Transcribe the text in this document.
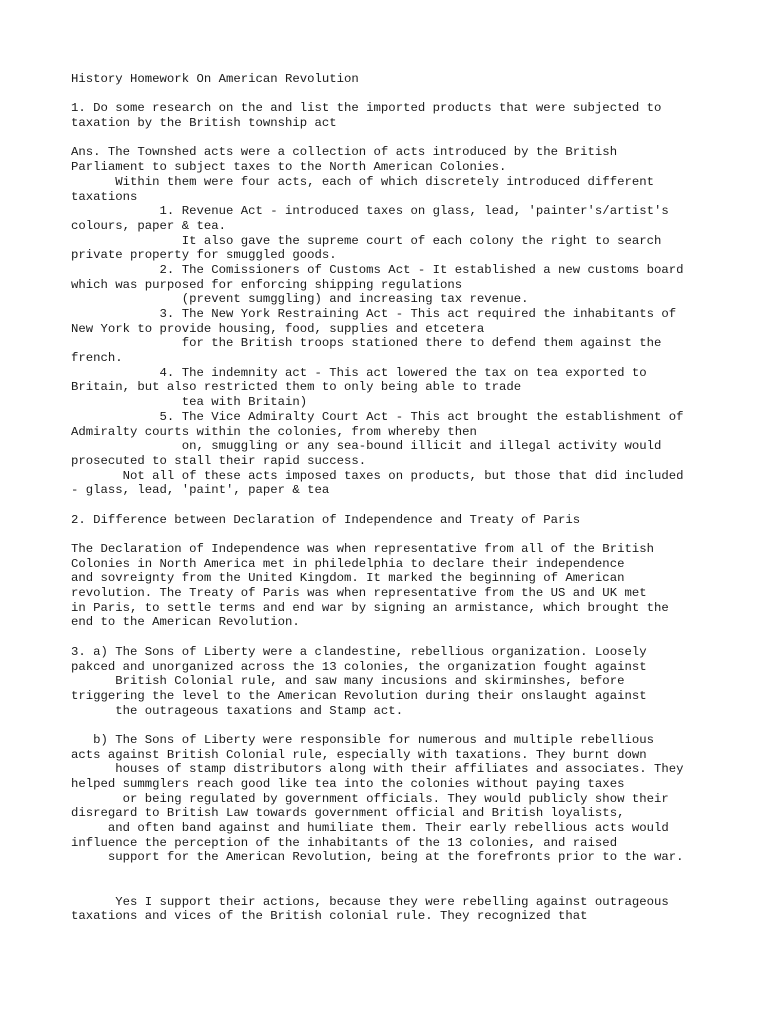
History Homework On American Revolution
1. Do some research on the and list the imported products that were subjected to
taxation by the British township act
Ans. The Townshed acts were a collection of acts introduced by the British
Parliament to subject taxes to the North American Colonies.
Within them were four acts, each of which discretely introduced different
taxations
1. Revenue Act - introduced taxes on glass, lead, 'painter's/artist's
colours, paper & tea.
It also gave the supreme court of each colony the right to search
private property for smuggled goods.
2. The Comissioners of Customs Act - It established a new customs board
which was purposed for enforcing shipping regulations
(prevent sumggling) and increasing tax revenue.
3. The New York Restraining Act - This act required the inhabitants of
New York to provide housing, food, supplies and etcetera
for the British troops stationed there to defend them against the
french.
4. The indemnity act - This act lowered the tax on tea exported to
Britain, but also restricted them to only being able to trade
tea with Britain)
5. The Vice Admiralty Court Act - This act brought the establishment of
Admiralty courts within the colonies, from whereby then
on, smuggling or any sea-bound illicit and illegal activity would
prosecuted to stall their rapid success.
Not all of these acts imposed taxes on products, but those that did included
- glass, lead, 'paint', paper & tea
2. Difference between Declaration of Independence and Treaty of Paris
The Declaration of Independence was when representative from all of the British
Colonies in North America met in philedelphia to declare their independence
and sovreignty from the United Kingdom. It marked the beginning of American
revolution. The Treaty of Paris was when representative from the US and UK met
in Paris, to settle terms and end war by signing an armistance, which brought the
end to the American Revolution.
3. a) The Sons of Liberty were a clandestine, rebellious organization. Loosely
pakced and unorganized across the 13 colonies, the organization fought against
British Colonial rule, and saw many incusions and skirminshes, before
triggering the level to the American Revolution during their onslaught against
the outrageous taxations and Stamp act.
b) The Sons of Liberty were responsible for numerous and multiple rebellious
acts against British Colonial rule, especially with taxations. They burnt down
houses of stamp distributors along with their affiliates and associates. They
helped summglers reach good like tea into the colonies without paying taxes
or being regulated by government officials. They would publicly show their
disregard to British Law towards government official and British loyalists,
and often band against and humiliate them. Their early rebellious acts would
influence the perception of the inhabitants of the 13 colonies, and raised
support for the American Revolution, being at the forefronts prior to the war.
Yes I support their actions, because they were rebelling against outrageous
taxations and vices of the British colonial rule. They recognized that
